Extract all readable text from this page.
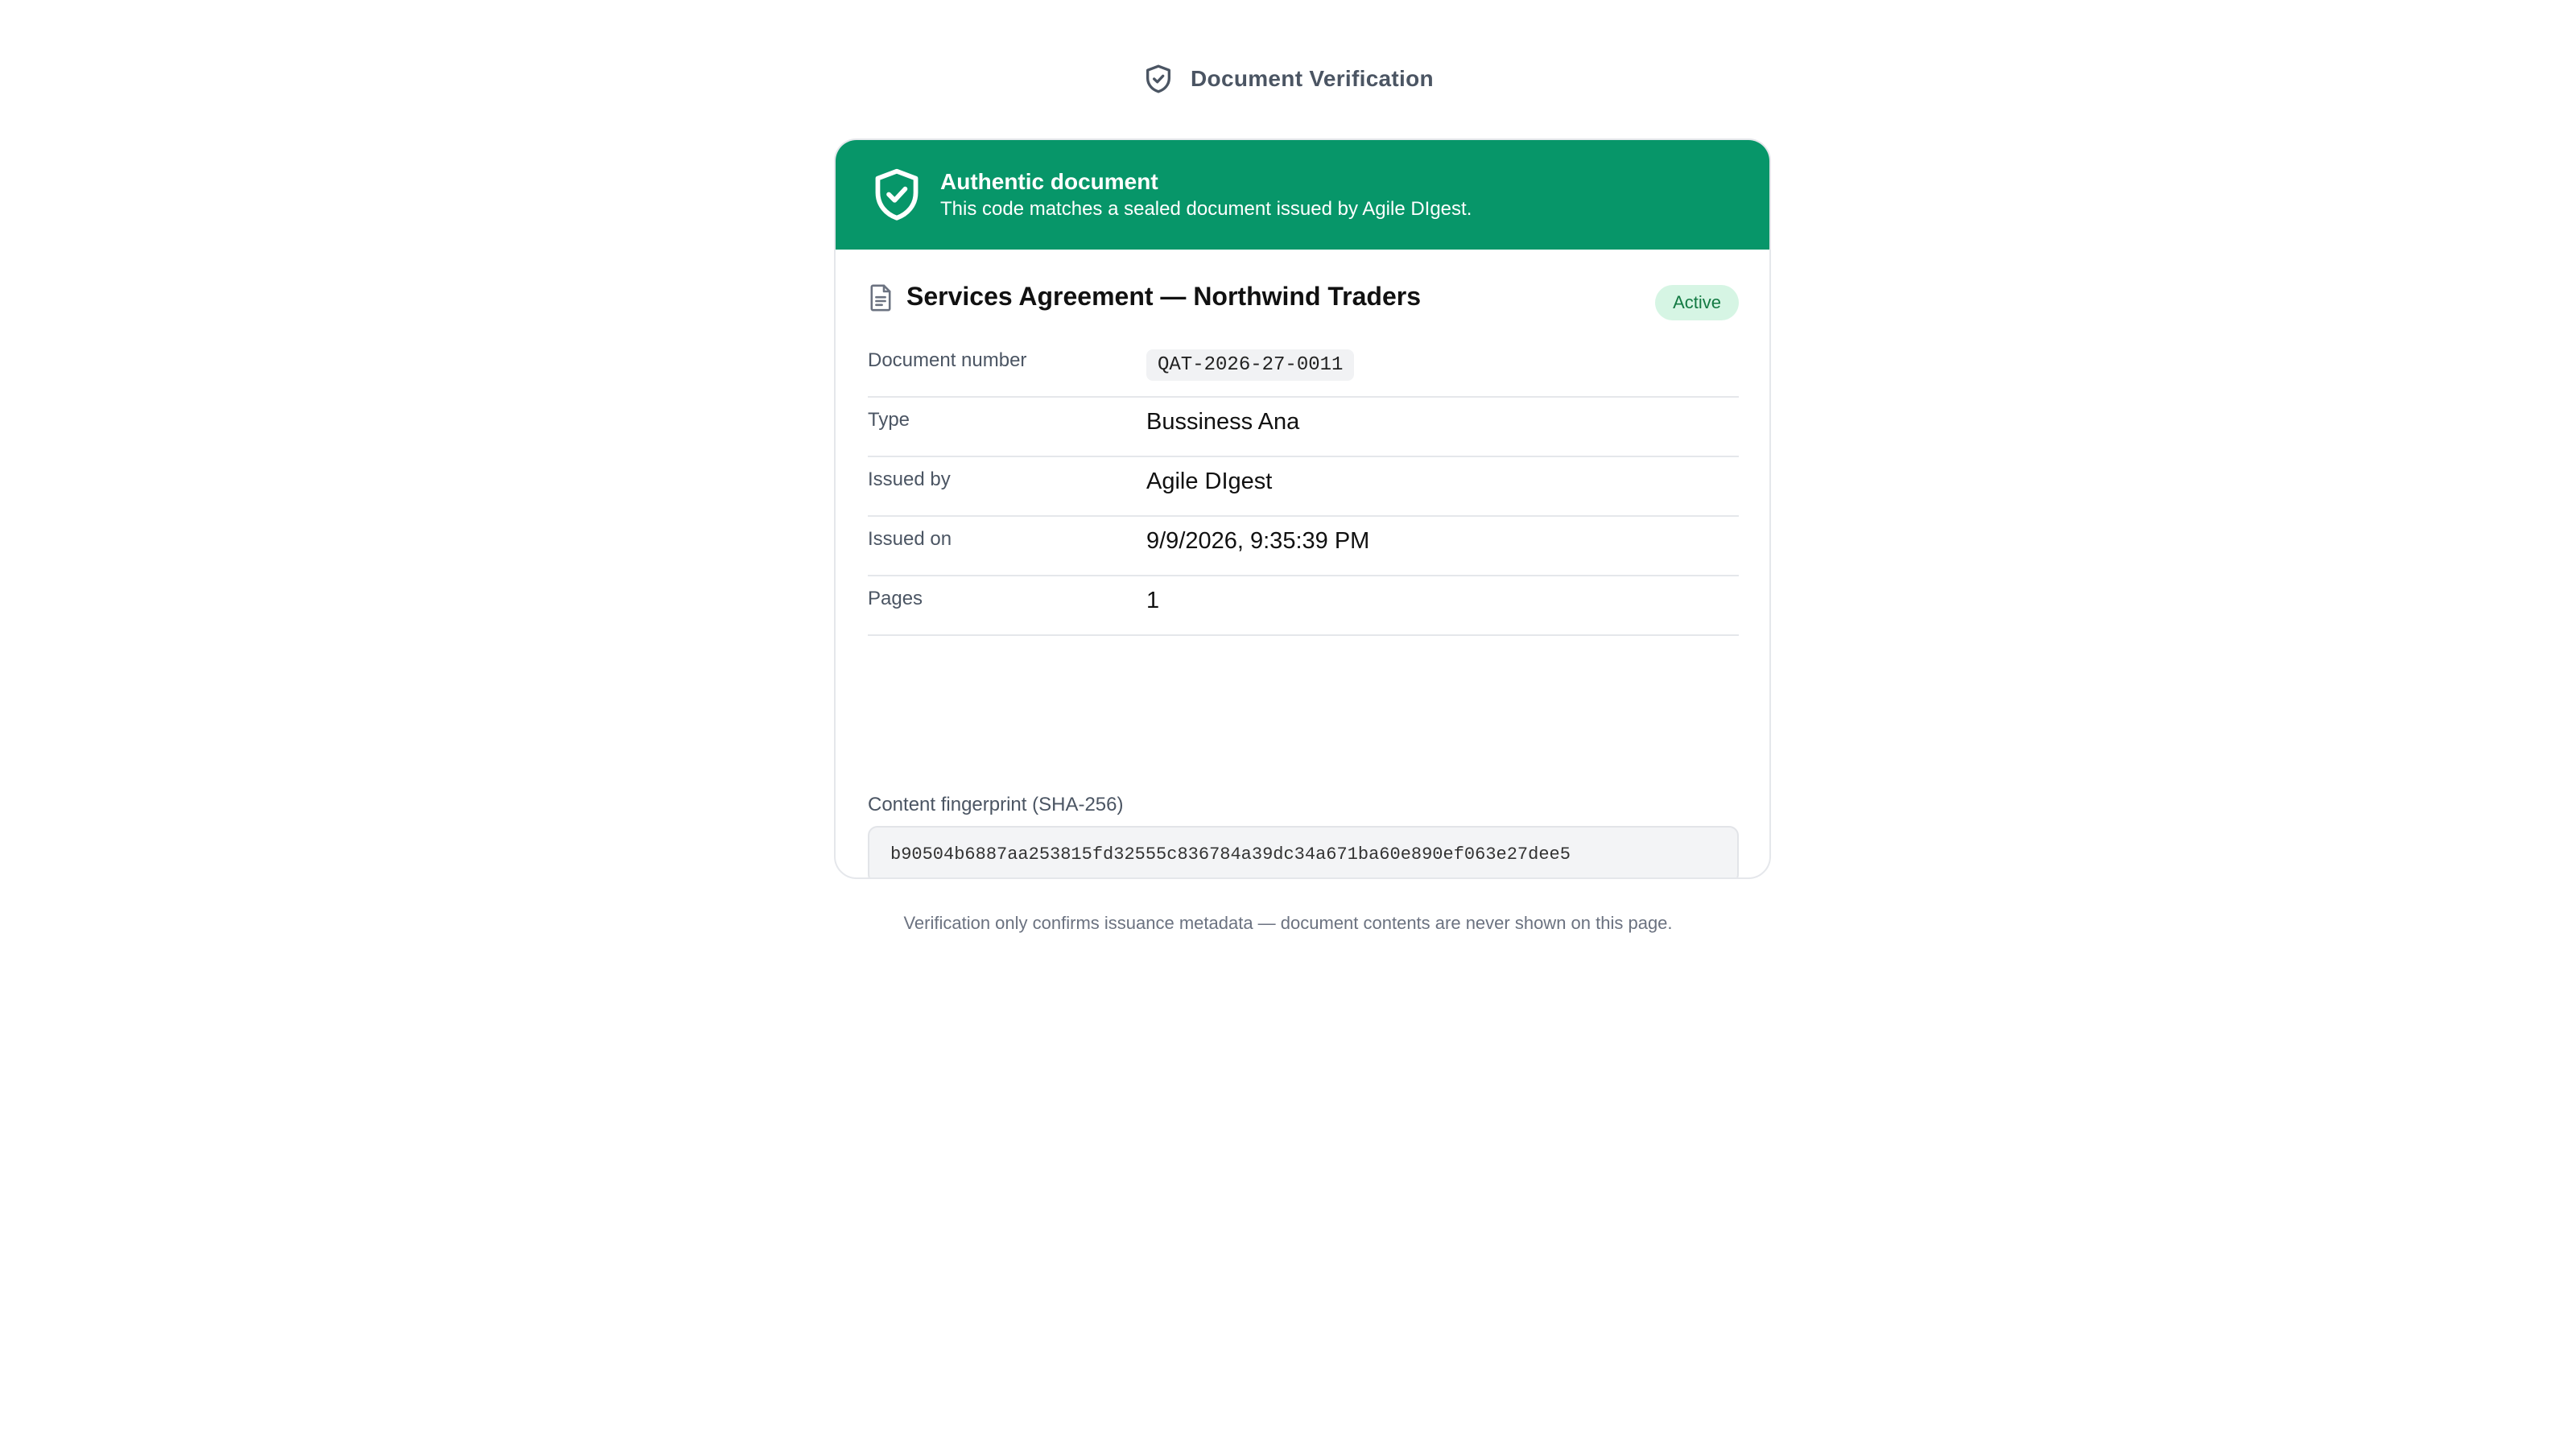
Document Verification
Authentic document
This code matches a sealed document issued by Agile DIgest.
Services Agreement — Northwind Traders	Active
Document number	QAT-2026-27-0011
Type	Bussiness Ana
Issued by	Agile DIgest
Issued on	9/9/2026, 9:35:39 PM
Pages	1
Content fingerprint (SHA-256)
b90504b6887aa253815fd32555c836784a39dc34a671ba60e890ef063e27dee5
Verification only confirms issuance metadata — document contents are never shown on this page.
